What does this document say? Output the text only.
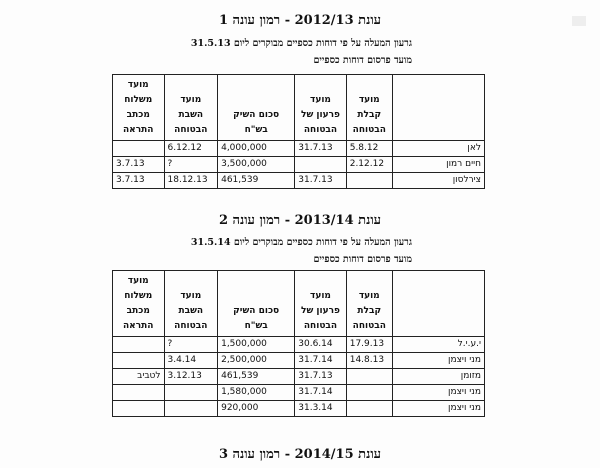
עונת 2012/13 - רמון עונה 1
גרעון המעלה על פי דוחות כספיים מבוקרים ליום 31.5.13
מועד פרסום דוחות כספיים
	מועד קבלת הבטוחה	מועד פרעון של הבטוחה	סכום השיק בש"ח	מועד השבת הבטוחה	מועד משלוח מכתב התראה
לאן	5.8.12	31.7.13	4,000,000	6.12.12	
חיים רמון	2.12.12		3,500,000	?	3.7.13
צירלסון		31.7.13	461,539	18.12.13	3.7.13
עונת 2013/14 - רמון עונה 2
גרעון המעלה על פי דוחות כספיים מבוקרים ליום 31.5.14
מועד פרסום דוחות כספיים
	מועד קבלת הבטוחה	מועד פרעון של הבטוחה	סכום השיק בש"ח	מועד השבת הבטוחה	מועד משלוח מכתב התראה
י.ע.י.ל	17.9.13	30.6.14	1,500,000	?	
מני ויצמן	14.8.13	31.7.14	2,500,000	3.4.14	
מזומן		31.7.13	461,539	3.12.13	לטביב
מני ויצמן		31.7.14	1,580,000		
מני ויצמן		31.3.14	920,000		
עונת 2014/15 - רמון עונה 3
